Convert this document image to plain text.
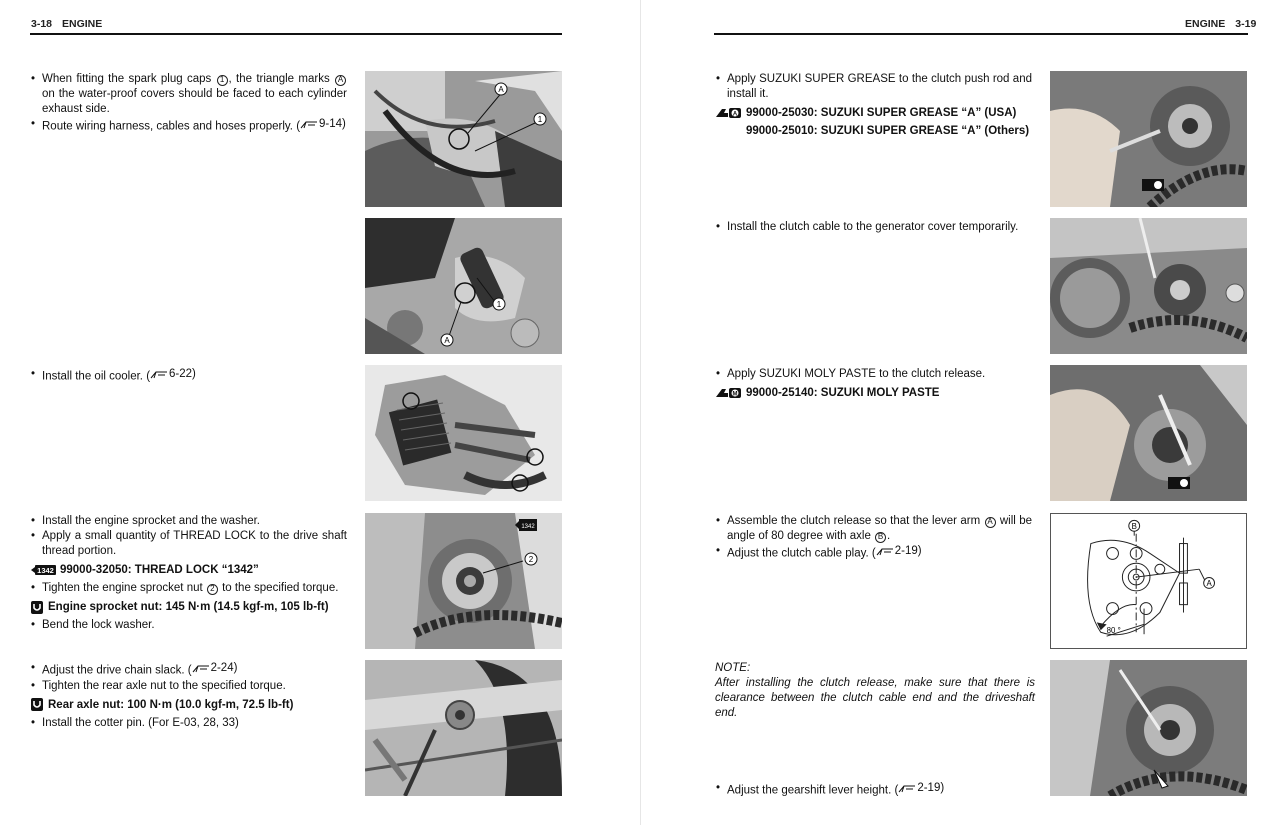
3-18 ENGINE
• When fitting the spark plug caps 1 , the triangle marks A on the water-proof covers should be faced to each cylinder exhaust side.
• Route wiring harness, cables and hoses properly. ( 9-14)
A
1
A
1
• Install the oil cooler. ( 6-22)
• Install the engine sprocket and the washer.
• Apply a small quantity of THREAD LOCK to the drive shaft thread portion.
1342 99000-32050: THREAD LOCK “1342”
• Tighten the engine sprocket nut 2 to the specified torque.
Engine sprocket nut: 145 N·m (14.5 kgf-m, 105 lb-ft)
• Bend the lock washer.
2
1342
• Adjust the drive chain slack. ( 2-24)
• Tighten the rear axle nut to the specified torque.
Rear axle nut: 100 N·m (10.0 kgf-m, 72.5 lb-ft)
• Install the cotter pin. (For E-03, 28, 33)
ENGINE 3-19
• Apply SUZUKI SUPER GREASE to the clutch push rod and install it.
A 99000-25030: SUZUKI SUPER GREASE “A” (USA)
99000-25010: SUZUKI SUPER GREASE “A” (Others)
• Install the clutch cable to the generator cover temporarily.
• Apply SUZUKI MOLY PASTE to the clutch release.
M 99000-25140: SUZUKI MOLY PASTE
• Assemble the clutch release so that the lever arm A will be angle of 80 degree with axle B .
• Adjust the clutch cable play. ( 2-19)
B
A
80 °
NOTE:
After installing the clutch release, make sure that there is clearance between the clutch cable end and the driveshaft end.
• Adjust the gearshift lever height. ( 2-19)
